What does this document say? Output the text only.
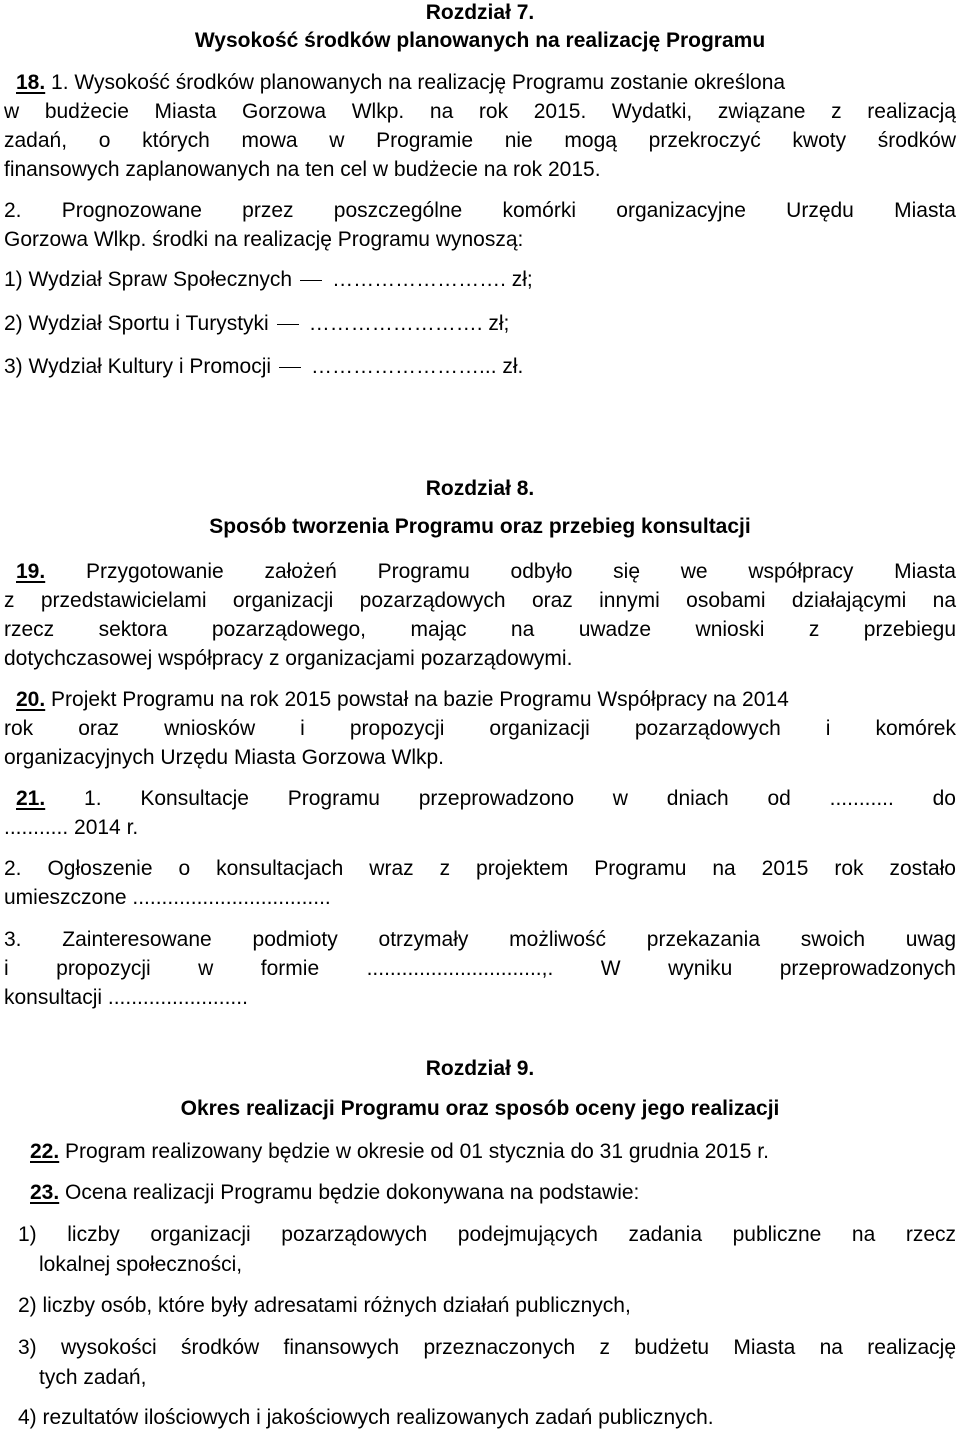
Rozdział 7.
Wysokość środków planowanych na realizację Programu
18. 1. Wysokość środków planowanych na realizację Programu zostanie określona
w budżecie Miasta Gorzowa Wlkp. na rok 2015. Wydatki, związane z realizacją
zadań, o których mowa w Programie nie mogą przekroczyć kwoty środków
finansowych zaplanowanych na ten cel w budżecie na rok 2015.
2. Prognozowane przez poszczególne komórki organizacyjne Urzędu Miasta
Gorzowa Wlkp. środki na realizację Programu wynoszą:
1) Wydział Spraw Społecznych ……………………. zł;
2) Wydział Sportu i Turystyki ……………………. zł;
3) Wydział Kultury i Promocji ……………………... zł.
Rozdział 8.
Sposób tworzenia Programu oraz przebieg konsultacji
19. Przygotowanie założeń Programu odbyło się we współpracy Miasta
z przedstawicielami organizacji pozarządowych oraz innymi osobami działającymi na
rzecz sektora pozarządowego, mając na uwadze wnioski z przebiegu
dotychczasowej współpracy z organizacjami pozarządowymi.
20. Projekt Programu na rok 2015 powstał na bazie Programu Współpracy na 2014
rok oraz wniosków i propozycji organizacji pozarządowych i komórek
organizacyjnych Urzędu Miasta Gorzowa Wlkp.
21. 1. Konsultacje Programu przeprowadzono w dniach od ........... do
........... 2014 r.
2. Ogłoszenie o konsultacjach wraz z projektem Programu na 2015 rok zostało
umieszczone ..................................
3. Zainteresowane podmioty otrzymały możliwość przekazania swoich uwag
i propozycji w formie ..............................,. W wyniku przeprowadzonych
konsultacji ........................
Rozdział 9.
Okres realizacji Programu oraz sposób oceny jego realizacji
22. Program realizowany będzie w okresie od 01 stycznia do 31 grudnia 2015 r.
23. Ocena realizacji Programu będzie dokonywana na podstawie:
1) liczby organizacji pozarządowych podejmujących zadania publiczne na rzecz
lokalnej społeczności,
2) liczby osób, które były adresatami różnych działań publicznych,
3) wysokości środków finansowych przeznaczonych z budżetu Miasta na realizację
tych zadań,
4) rezultatów ilościowych i jakościowych realizowanych zadań publicznych.
